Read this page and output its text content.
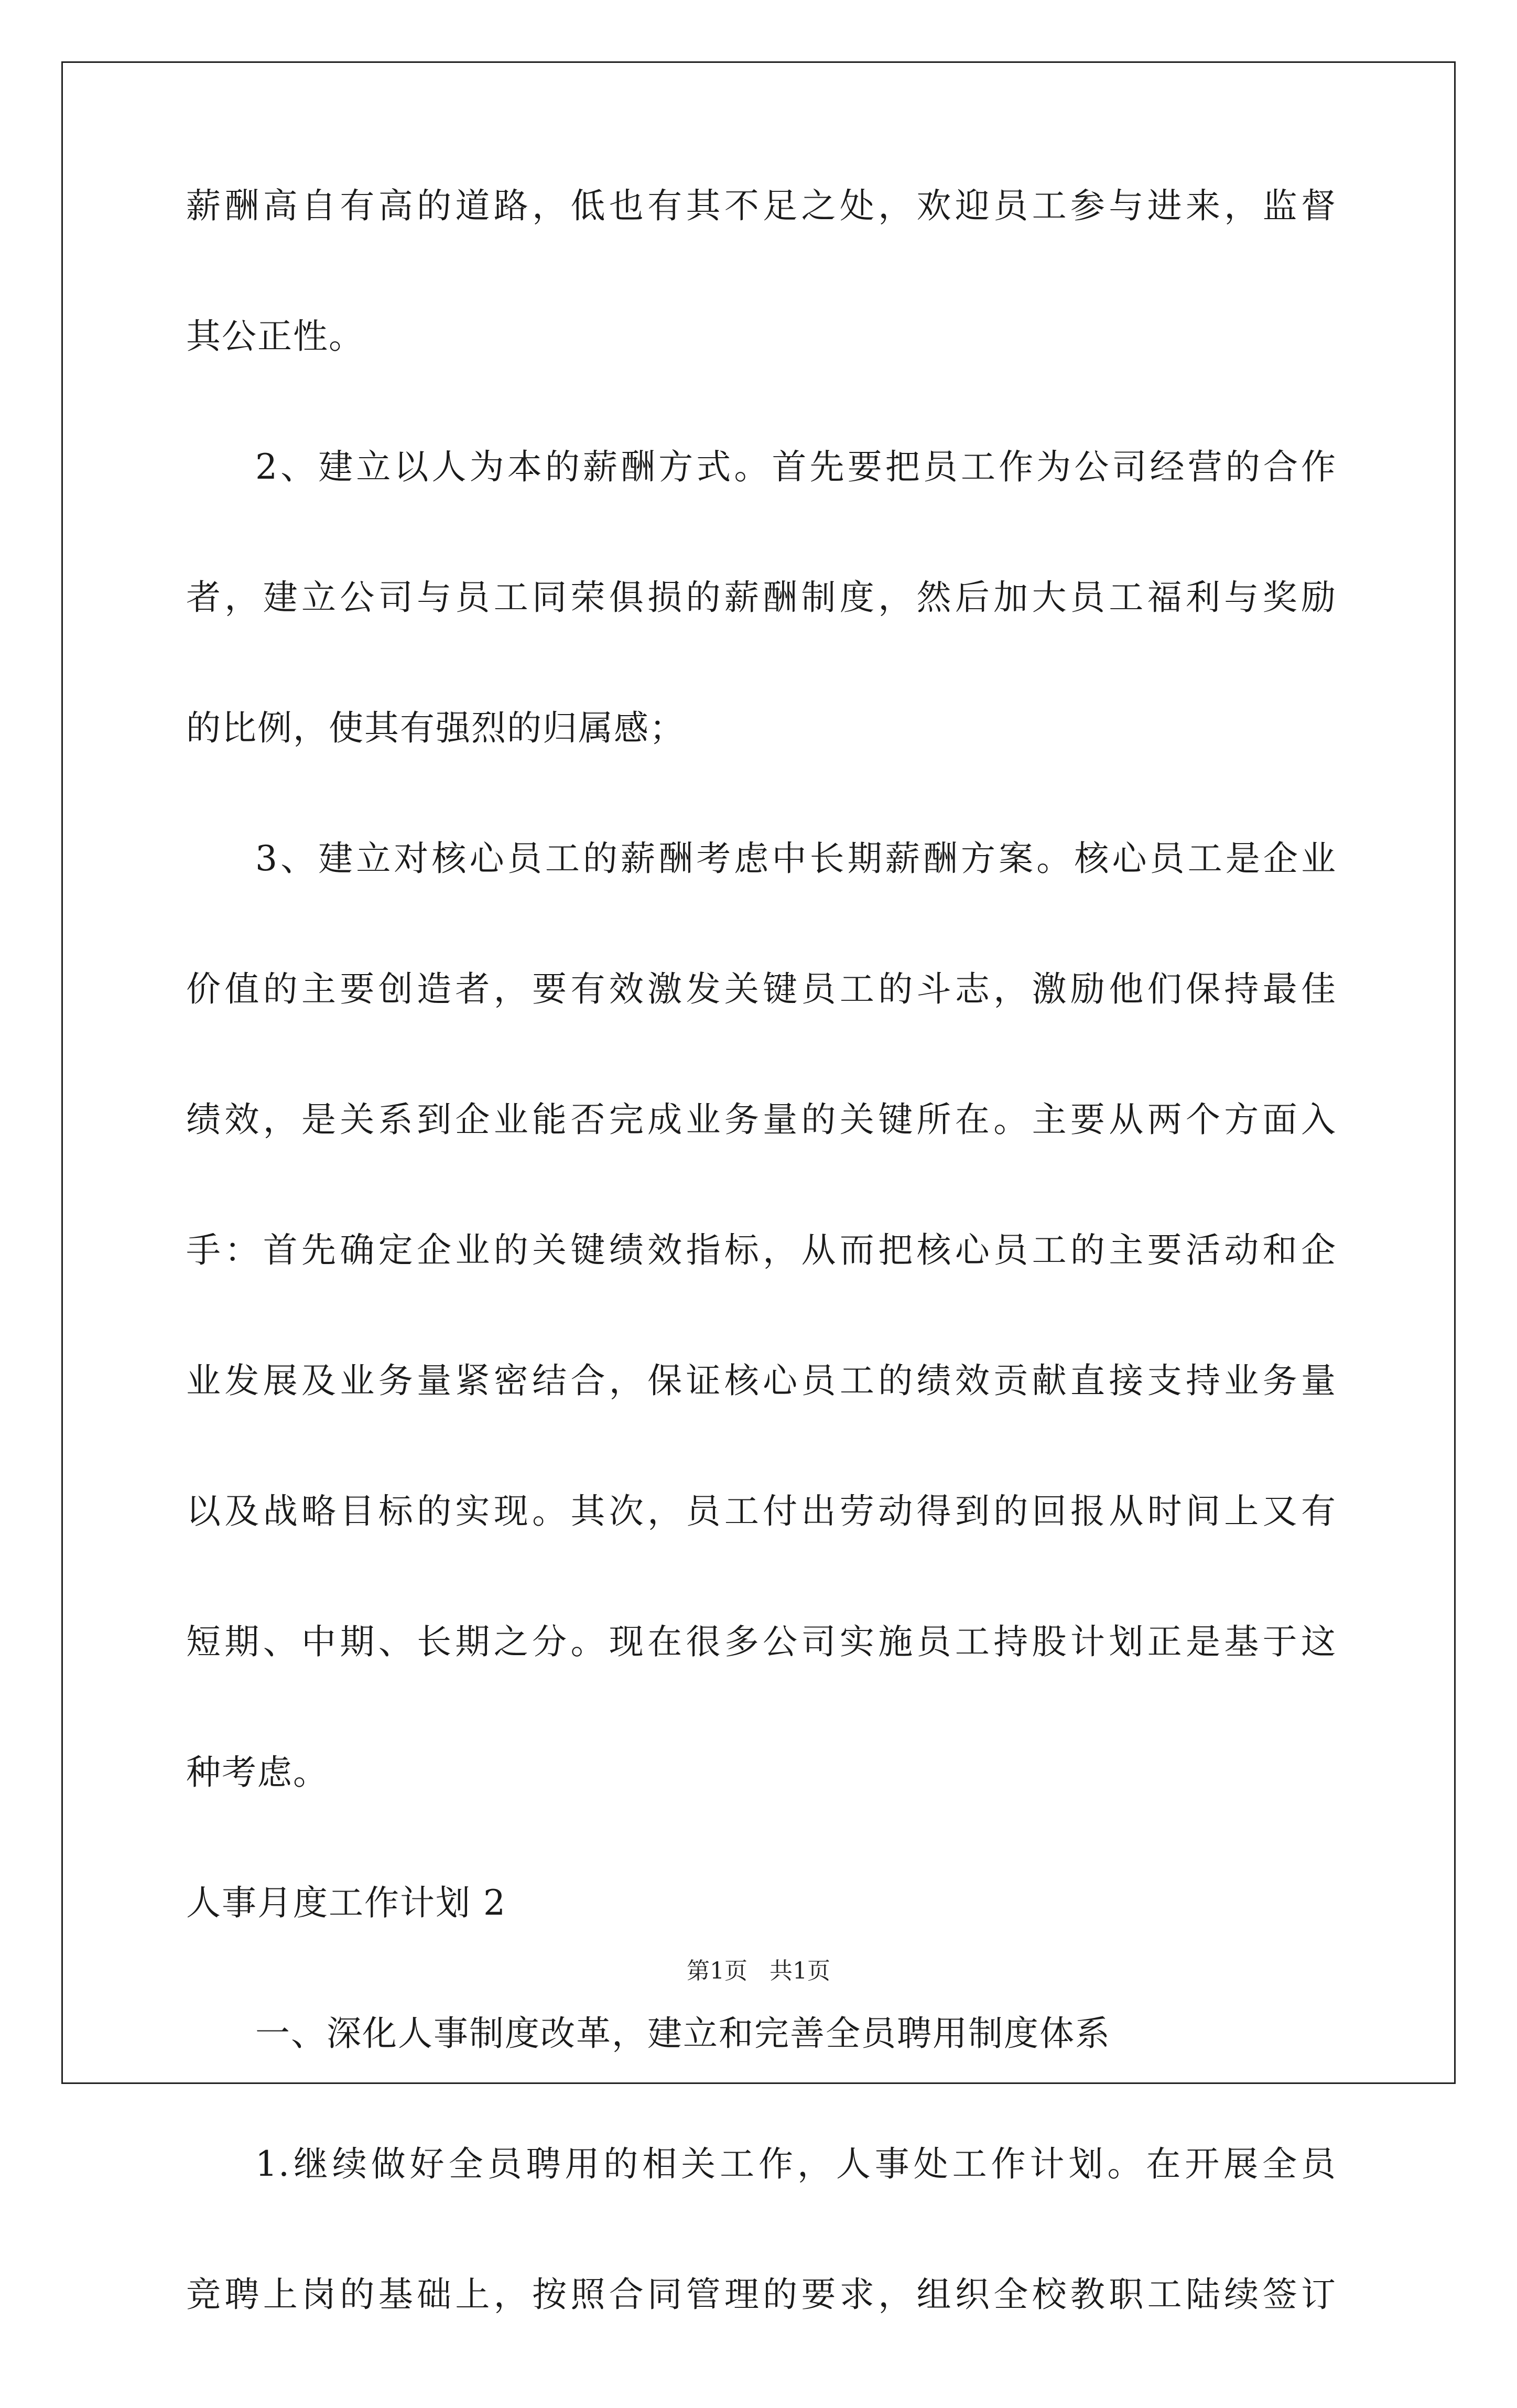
薪酬高自有高的道路，低也有其不足之处，欢迎员工参与进来，监督
其公正性。
2、建立以人为本的薪酬方式。首先要把员工作为公司经营的合作
者，建立公司与员工同荣俱损的薪酬制度，然后加大员工福利与奖励
的比例，使其有强烈的归属感；
3、建立对核心员工的薪酬考虑中长期薪酬方案。核心员工是企业
价值的主要创造者，要有效激发关键员工的斗志，激励他们保持最佳
绩效，是关系到企业能否完成业务量的关键所在。主要从两个方面入
手：首先确定企业的关键绩效指标，从而把核心员工的主要活动和企
业发展及业务量紧密结合，保证核心员工的绩效贡献直接支持业务量
以及战略目标的实现。其次，员工付出劳动得到的回报从时间上又有
短期、中期、长期之分。现在很多公司实施员工持股计划正是基于这
种考虑。
人事月度工作计划 2
一、深化人事制度改革，建立和完善全员聘用制度体系
1.继续做好全员聘用的相关工作，人事处工作计划。在开展全员
竞聘上岗的基础上，按照合同管理的要求，组织全校教职工陆续签订
第1页   共1页
